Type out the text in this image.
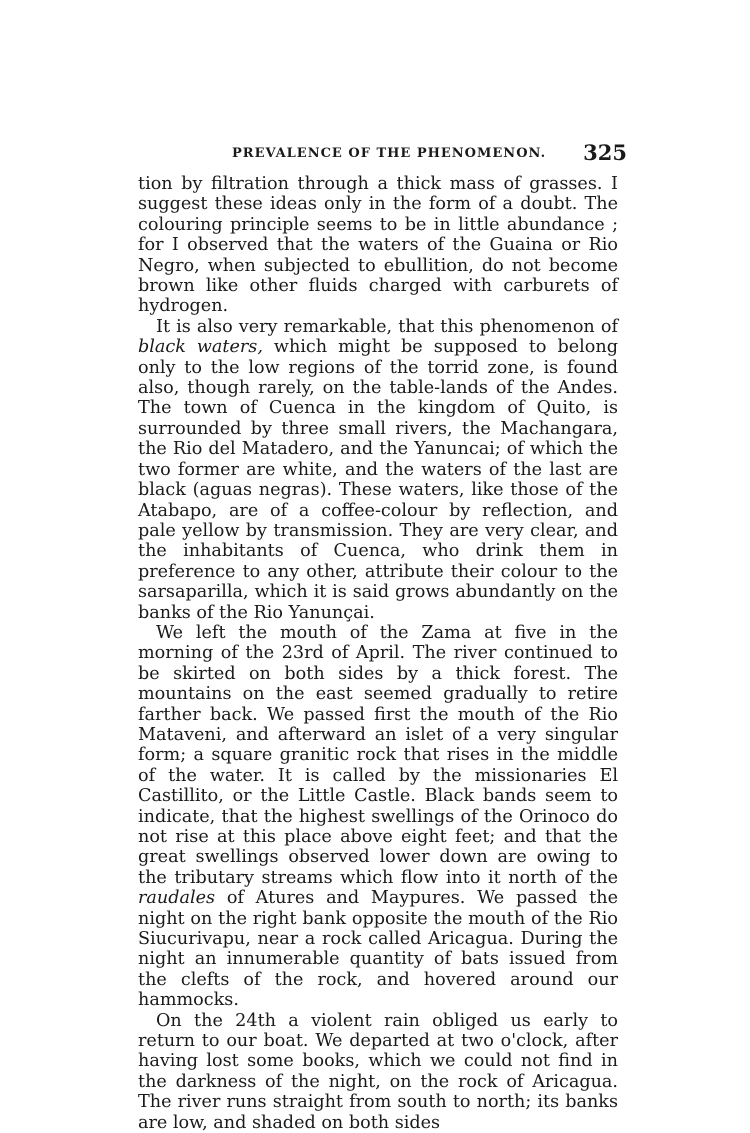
PREVALENCE OF THE PHENOMENON. 325

tion by filtration through a thick mass of grasses. I suggest these ideas only in the form of a doubt. The colouring principle seems to be in little abundance ; for I observed that the waters of the Guaina or Rio Negro, when subjected to ebullition, do not become brown like other fluids charged with carburets of hydrogen.

It is also very remarkable, that this phenomenon of black waters, which might be supposed to belong only to the low regions of the torrid zone, is found also, though rarely, on the table-lands of the Andes. The town of Cuenca in the kingdom of Quito, is surrounded by three small rivers, the Machangara, the Rio del Matadero, and the Yanuncai; of which the two former are white, and the waters of the last are black (aguas negras). These waters, like those of the Atabapo, are of a coffee-colour by reflection, and pale yellow by transmission. They are very clear, and the inhabitants of Cuenca, who drink them in preference to any other, attribute their colour to the sarsaparilla, which it is said grows abundantly on the banks of the Rio Yanunçai.

We left the mouth of the Zama at five in the morning of the 23rd of April. The river continued to be skirted on both sides by a thick forest. The mountains on the east seemed gradually to retire farther back. We passed first the mouth of the Rio Mataveni, and afterward an islet of a very singular form; a square granitic rock that rises in the middle of the water. It is called by the missionaries El Castillito, or the Little Castle. Black bands seem to indicate, that the highest swellings of the Orinoco do not rise at this place above eight feet; and that the great swellings observed lower down are owing to the tributary streams which flow into it north of the raudales of Atures and Maypures. We passed the night on the right bank opposite the mouth of the Rio Siucurivapu, near a rock called Aricagua. During the night an innumerable quantity of bats issued from the clefts of the rock, and hovered around our hammocks.

On the 24th a violent rain obliged us early to return to our boat. We departed at two o'clock, after having lost some books, which we could not find in the darkness of the night, on the rock of Aricagua. The river runs straight from south to north; its banks are low, and shaded on both sides
